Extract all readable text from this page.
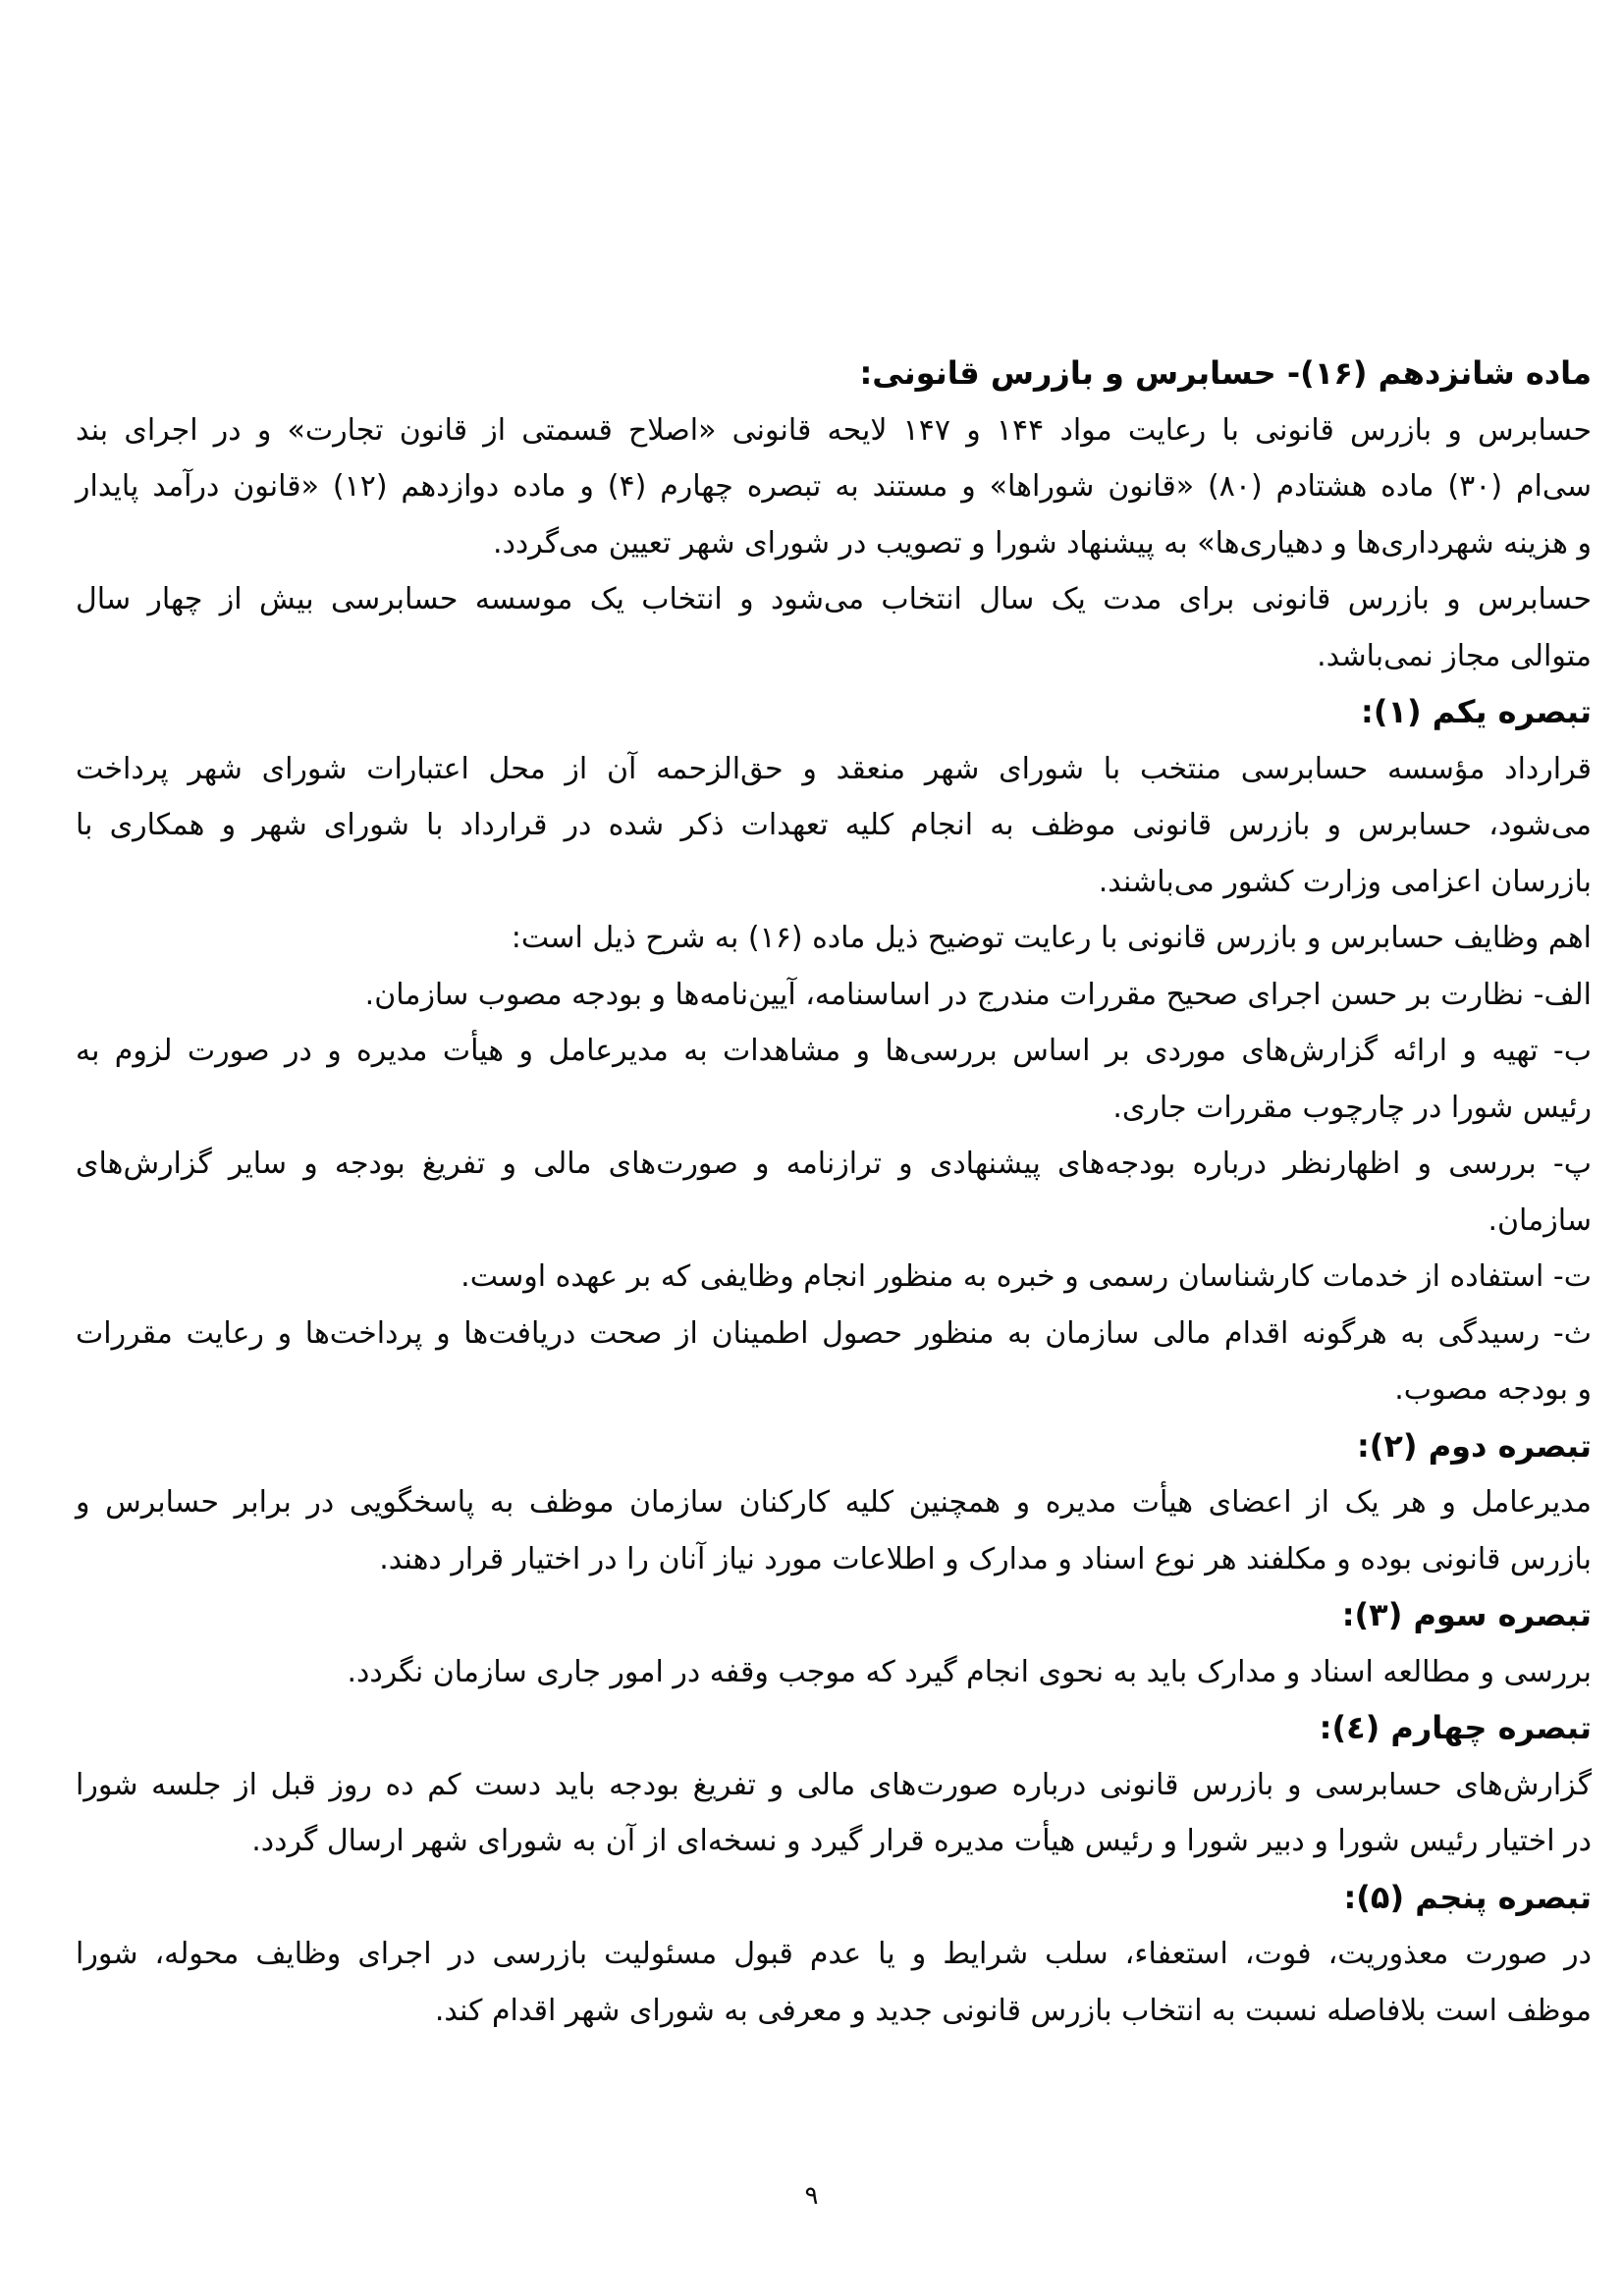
ماده شانزدهم (۱۶)- حسابرس و بازرس قانونی:
حسابرس و بازرس قانونی با رعایت مواد ۱۴۴ و ۱۴۷ لایحه قانونی «اصلاح قسمتی از قانون تجارت» و در اجرای بند
سی‌ام (۳۰) ماده هشتادم (۸۰) «قانون شوراها» و مستند به تبصره چهارم (۴) و ماده دوازدهم (۱۲) «قانون درآمد پایدار
و هزینه شهرداری‌ها و دهیاری‌ها» به پیشنهاد شورا و تصویب در شورای شهر تعیین می‌گردد.
حسابرس و بازرس قانونی برای مدت یک سال انتخاب می‌شود و انتخاب یک موسسه حسابرسی بیش از چهار سال
متوالی مجاز نمی‌باشد.
تبصره یکم (۱):
قرارداد مؤسسه حسابرسی منتخب با شورای شهر منعقد و حق‌الزحمه آن از محل اعتبارات شورای شهر پرداخت
می‌شود، حسابرس و بازرس قانونی موظف به انجام کلیه تعهدات ذکر شده در قرارداد با شورای شهر و همکاری با
بازرسان اعزامی وزارت کشور می‌باشند.
اهم وظایف حسابرس و بازرس قانونی با رعایت توضیح ذیل ماده (۱۶) به شرح ذیل است:
الف- نظارت بر حسن اجرای صحیح مقررات مندرج در اساسنامه، آیین‌نامه‌ها و بودجه مصوب سازمان.
ب- تهیه و ارائه گزارش‌های موردی بر اساس بررسی‌ها و مشاهدات به مدیرعامل و هیأت مدیره و در صورت لزوم به
رئیس شورا در چارچوب مقررات جاری.
پ- بررسی و اظهارنظر درباره بودجه‌های پیشنهادی و ترازنامه و صورت‌های مالی و تفریغ بودجه و سایر گزارش‌های
سازمان.
ت- استفاده از خدمات کارشناسان رسمی و خبره به منظور انجام وظایفی که بر عهده اوست.
ث- رسیدگی به هرگونه اقدام مالی سازمان به منظور حصول اطمینان از صحت دریافت‌ها و پرداخت‌ها و رعایت مقررات
و بودجه مصوب.
تبصره دوم (۲):
مدیرعامل و هر یک از اعضای هیأت مدیره و همچنین کلیه کارکنان سازمان موظف به پاسخگویی در برابر حسابرس و
بازرس قانونی بوده و مکلفند هر نوع اسناد و مدارک و اطلاعات مورد نیاز آنان را در اختیار قرار دهند.
تبصره سوم (۳):
بررسی و مطالعه اسناد و مدارک باید به نحوی انجام گیرد که موجب وقفه در امور جاری سازمان نگردد.
تبصره چهارم (٤):
گزارش‌های حسابرسی و بازرس قانونی درباره صورت‌های مالی و تفریغ بودجه باید دست کم ده روز قبل از جلسه شورا
در اختیار رئیس شورا و دبیر شورا و رئیس هیأت مدیره قرار گیرد و نسخه‌ای از آن به شورای شهر ارسال گردد.
تبصره پنجم (۵):
در صورت معذوریت، فوت، استعفاء، سلب شرایط و یا عدم قبول مسئولیت بازرسی در اجرای وظایف محوله، شورا
موظف است بلافاصله نسبت به انتخاب بازرس قانونی جدید و معرفی به شورای شهر اقدام کند.
۹
